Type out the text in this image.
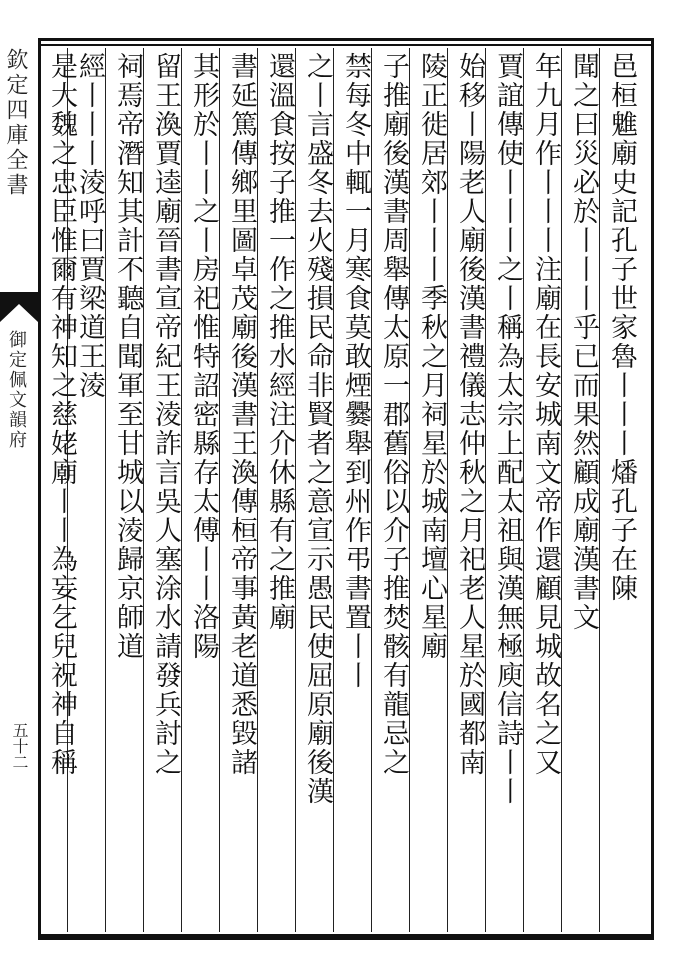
欽定四庫全書
御定佩文韻府
五十二
邑桓魋廟史記孔子世家魯丨丨丨燔孔子在陳
聞之曰災必於丨丨丨乎已而果然顧成廟漢書文
年九月作丨丨丨注廟在長安城南文帝作還顧見城故名之又
賈誼傳使丨丨丨之丨稱為太宗上配太祖與漢無極庾信詩丨丨
始移丨陽老人廟後漢書禮儀志仲秋之月祀老人星於國都南
陵正徙居郊丨丨丨季秋之月祠星於城南壇心星廟
子推廟後漢書周舉傳太原一郡舊俗以介子推焚骸有龍忌之
禁每冬中輒一月寒食莫敢煙爨舉到州作弔書置丨丨
之丨言盛冬去火殘損民命非賢者之意宣示愚民使屈原廟後漢
還溫食按子推一作之推水經注介休縣有之推廟
書延篤傳鄉里圖卓茂廟後漢書王渙傳桓帝事黃老道悉毀諸
其形於丨丨之丨房祀惟特詔密縣存太傅丨丨洛陽
留王渙賈逵廟晉書宣帝紀王淩詐言吳人塞涂水請發兵討之
祠焉帝潛知其計不聽自聞軍至甘城以淩歸京師道
經丨丨丨淩呼曰賈梁道王淩
是大魏之忠臣惟爾有神知之慈姥廟丨丨為妄乞兒祝神自稱
